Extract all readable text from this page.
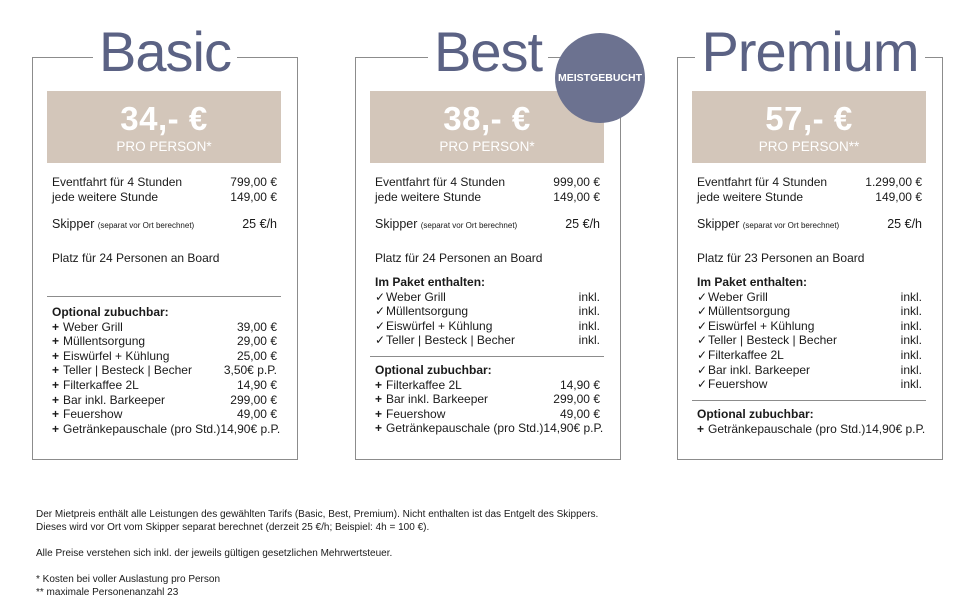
Basic
34,- €
PRO PERSON*
Eventfahrt für 4 Stunden	799,00 €
jede weitere Stunde	149,00 €
Skipper (separat vor Ort berechnet)	25 €/h
Platz für 24 Personen an Board
Optional zubuchbar:
+ Weber Grill	39,00 €
+ Müllentsorgung	29,00 €
+ Eiswürfel + Kühlung	25,00 €
+ Teller | Besteck | Becher	3,50€ p.P.
+ Filterkaffee 2L	14,90 €
+ Bar inkl. Barkeeper	299,00 €
+ Feuershow	49,00 €
+ Getränkepauschale (pro Std.) 14,90€ p.P.
Best
38,- €
PRO PERSON*
Eventfahrt für 4 Stunden	999,00 €
jede weitere Stunde	149,00 €
Skipper (separat vor Ort berechnet)	25 €/h
Platz für 24 Personen an Board
Im Paket enthalten:
✓Weber Grill	inkl.
✓Müllentsorgung	inkl.
✓Eiswürfel + Kühlung	inkl.
✓Teller | Besteck | Becher	inkl.
Optional zubuchbar:
+ Filterkaffee 2L	14,90 €
+ Bar inkl. Barkeeper	299,00 €
+ Feuershow	49,00 €
+ Getränkepauschale (pro Std.) 14,90€ p.P.
MEISTGEBUCHT	Premium
57,- €
PRO PERSON**
Eventfahrt für 4 Stunden	1.299,00 €
jede weitere Stunde	149,00 €
Skipper (separat vor Ort berechnet)	25 €/h
Platz für 23 Personen an Board
Im Paket enthalten:
✓Weber Grill	inkl.
✓Müllentsorgung	inkl.
✓Eiswürfel + Kühlung	inkl.
✓Teller | Besteck | Becher	inkl.
✓Filterkaffee 2L	inkl.
✓Bar inkl. Barkeeper	inkl.
✓Feuershow	inkl.
Optional zubuchbar:
+ Getränkepauschale (pro Std.) 14,90€ p.P.

Der Mietpreis enthält alle Leistungen des gewählten Tarifs (Basic, Best, Premium). Nicht enthalten ist das Entgelt des Skippers.

Dieses wird vor Ort vom Skipper separat berechnet (derzeit 25 €/h; Beispiel: 4h = 100 €).

Alle Preise verstehen sich inkl. der jeweils gültigen gesetzlichen Mehrwertsteuer.

* Kosten bei voller Auslastung pro Person

** maximale Personenanzahl 23
